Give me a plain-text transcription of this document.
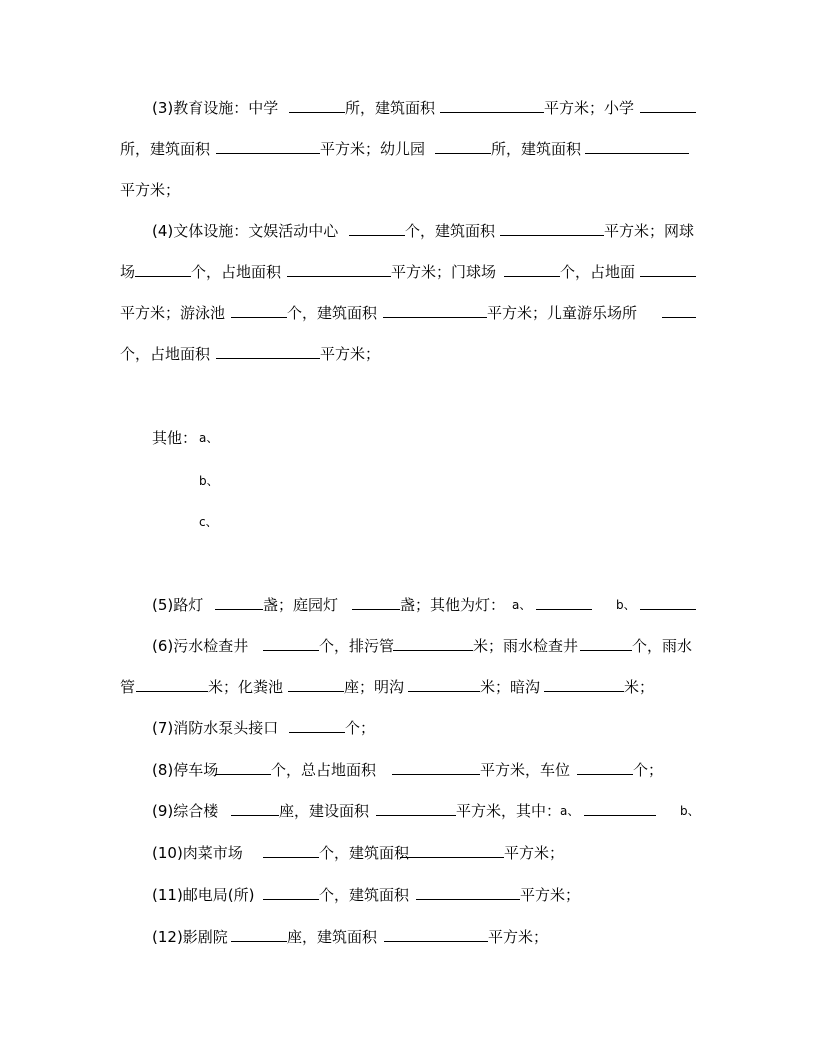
(3)教育设施：中学	所，建筑面积	平方米；小学
所，建筑面积	平方米；幼儿园	所，建筑面积
平方米；
(4)文体设施：文娱活动中心	个，建筑面积	平方米；网球
场	个，占地面积	平方米；门球场	个，占地面
平方米；游泳池	个，建筑面积	平方米；儿童游乐场所
个，占地面积	平方米；
其他： a、
b、
c、
(5)路灯	盏；庭园灯	盏；其他为灯： a、	b、
(6)污水检查井	个，排污管	米；雨水检查井	个，雨水
管	米；化粪池	座；明沟	米；暗沟	米；
(7)消防水泵头接口	个；
(8)停车场	个，总占地面积	平方米，车位	个；
(9)综合楼	座，建设面积	平方米，其中：
a、	b、
(10)肉菜市场	个，建筑面积	平方米；
(11)邮电局(所)	个，建筑面积	平方米；
(12)影剧院	座，建筑面积	平方米；
